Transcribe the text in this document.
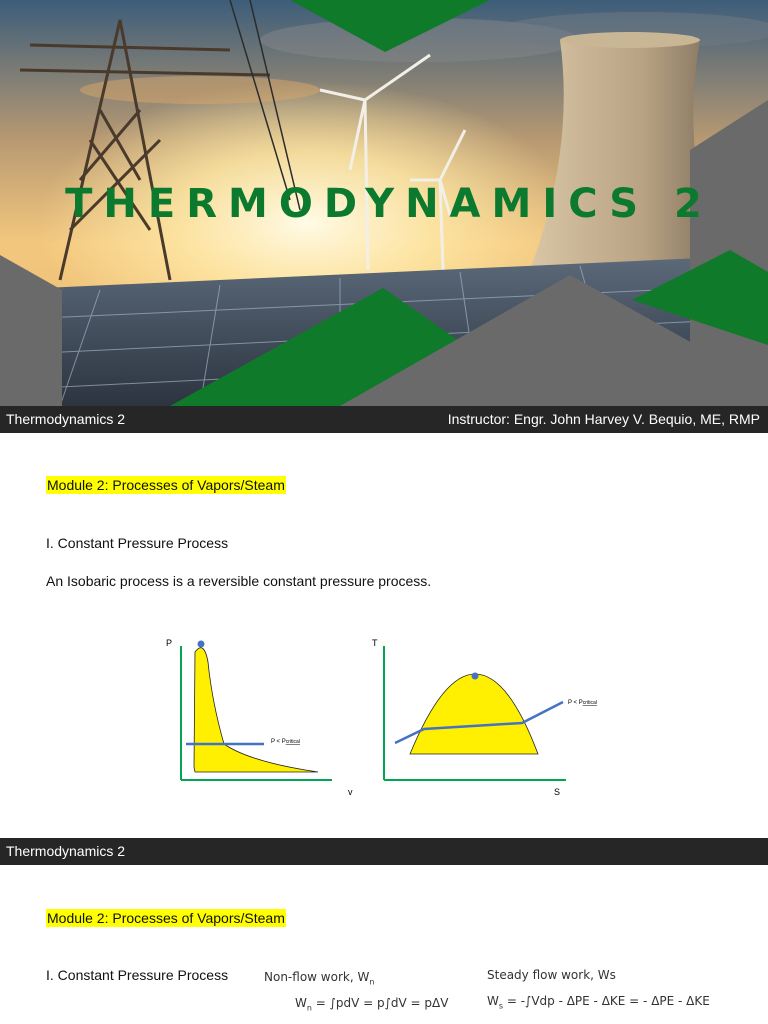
THERMODYNAMICS 2
Thermodynamics 2	Instructor: Engr. John Harvey V. Bequio, ME, RMP
Module 2: Processes of Vapors/Steam
I. Constant Pressure Process
An Isobaric process is a reversible constant pressure process.
P
v
P < Pcritical
T
S
P < Pcritical
Thermodynamics 2
Module 2: Processes of Vapors/Steam
I. Constant Pressure Process	Non-flow work, $W_n$
$W_n = \int pdV = p\int dV = p\Delta V$
Steady flow work, Ws
$W_s = -\int Vdp - \Delta PE - \Delta KE$ = - ΔPE - ΔKE
